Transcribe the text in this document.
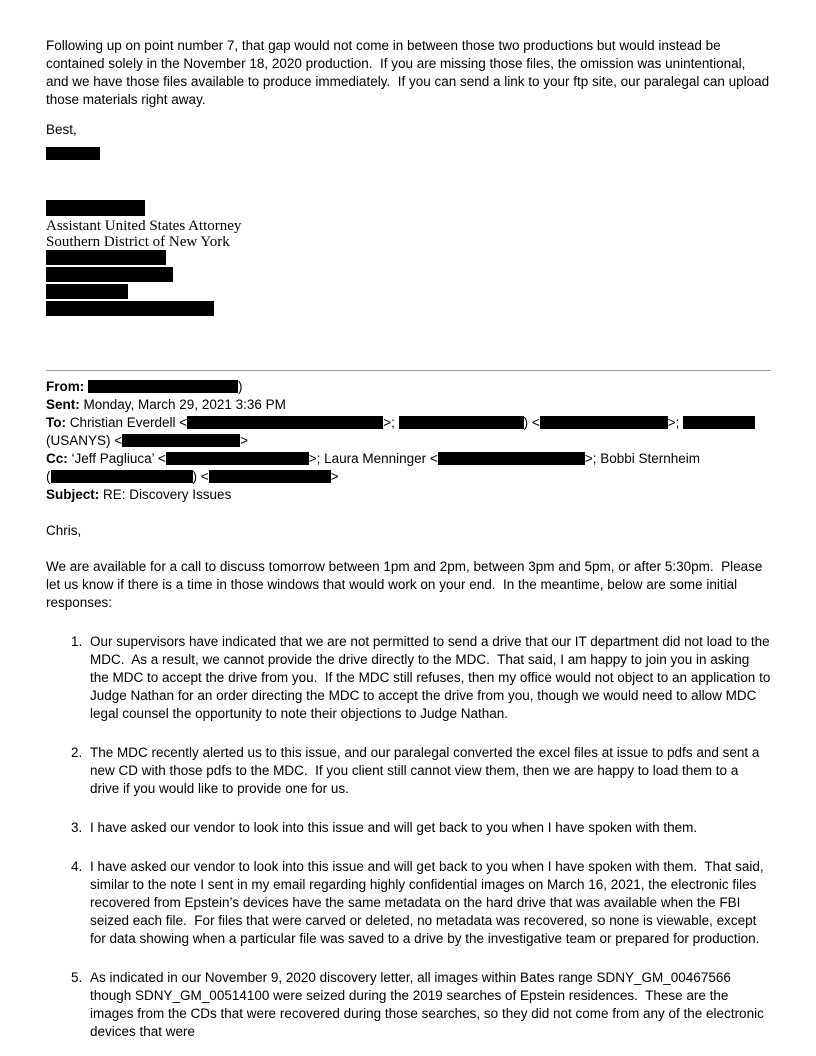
Following up on point number 7, that gap would not come in between those two productions but would instead be contained solely in the November 18, 2020 production.  If you are missing those files, the omission was unintentional, and we have those files available to produce immediately.  If you can send a link to your ftp site, our paralegal can upload those materials right away.

Best,
Assistant United States Attorney
Southern District of New York
From:	)
Sent: Monday, March 29, 2021 3:36 PM
To: Christian Everdell <	>;	) <	>;
(USANYS) <	>
Cc: ‘Jeff Pagliuca’ <	>; Laura Menninger <	>; Bobbi Sternheim
(	) <	>
Subject: RE: Discovery Issues
Chris,

We are available for a call to discuss tomorrow between 1pm and 2pm, between 3pm and 5pm, or after 5:30pm.  Please let us know if there is a time in those windows that would work on your end.  In the meantime, below are some initial responses:

1. Our supervisors have indicated that we are not permitted to send a drive that our IT department did not load to the MDC.  As a result, we cannot provide the drive directly to the MDC.  That said, I am happy to join you in asking the MDC to accept the drive from you.  If the MDC still refuses, then my office would not object to an application to Judge Nathan for an order directing the MDC to accept the drive from you, though we would need to allow MDC legal counsel the opportunity to note their objections to Judge Nathan.
2. The MDC recently alerted us to this issue, and our paralegal converted the excel files at issue to pdfs and sent a new CD with those pdfs to the MDC.  If you client still cannot view them, then we are happy to load them to a drive if you would like to provide one for us.
3. I have asked our vendor to look into this issue and will get back to you when I have spoken with them.
4. I have asked our vendor to look into this issue and will get back to you when I have spoken with them.  That said, similar to the note I sent in my email regarding highly confidential images on March 16, 2021, the electronic files recovered from Epstein’s devices have the same metadata on the hard drive that was available when the FBI seized each file.  For files that were carved or deleted, no metadata was recovered, so none is viewable, except for data showing when a particular file was saved to a drive by the investigative team or prepared for production.
5. As indicated in our November 9, 2020 discovery letter, all images within Bates range SDNY_GM_00467566 though SDNY_GM_00514100 were seized during the 2019 searches of Epstein residences.  These are the images from the CDs that were recovered during those searches, so they did not come from any of the electronic devices that were
